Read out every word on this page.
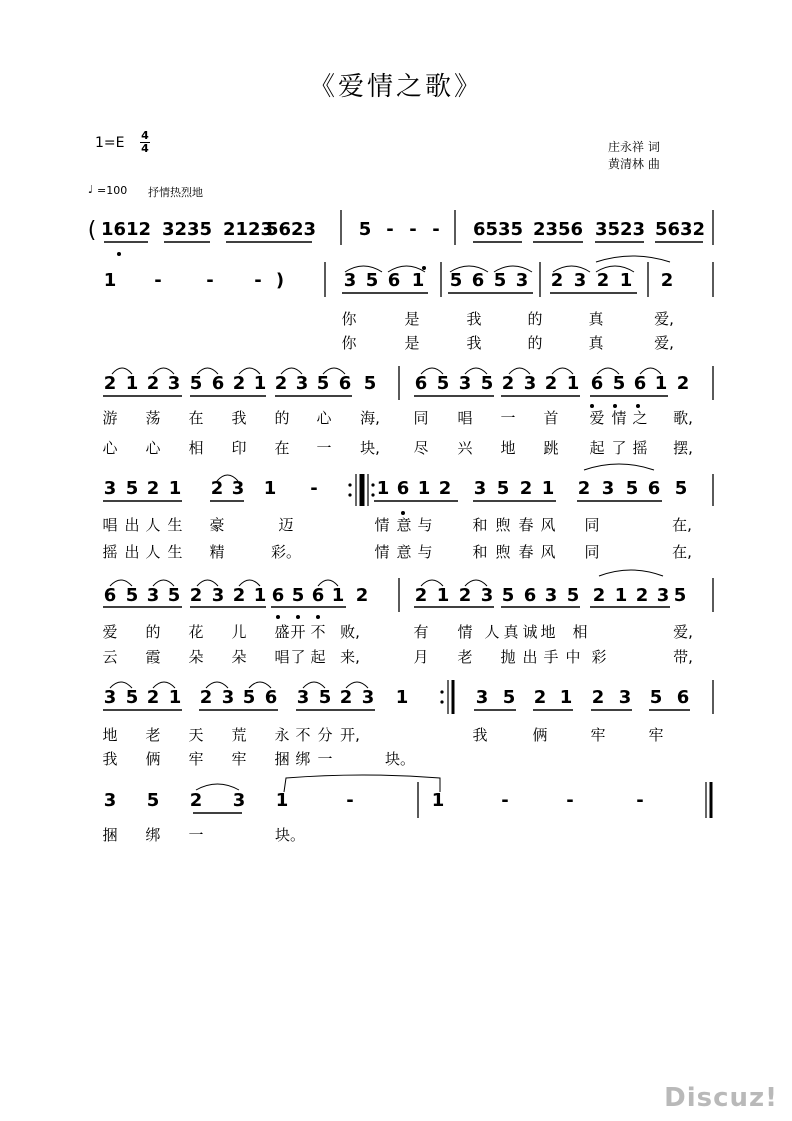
《爱情之歌》
1=E 4
4	庄永祥 词
黄清林 曲
♩ =100 抒情热烈地
( 1612 3235 2123
5623 5 - - - 6535 2356 3523 5632
1 - - - )	3 5 6 1 5 6 5 3 2 3 2 1 2
你	是	我	的	真	爱,
你	是	我	的	真	爱,
2 1 2 3 5 6 2 1 2 3 5 6 5 6 5 3 5 2 3 2 1 6 5 6 1 2
游 荡 在 我 的 心 海, 同 唱 一 首 爱 情 之 歌,
心 心 相 印 在 一 块, 尽 兴 地 跳 起 了 摇 摆,
3 5 2 1 2 3 1 -	1 6 1 2 3 5 2 1 2 3 5 6 5
唱 出 人 生 豪	迈	情 意 与	和 煦 春 风 同	在,
摇 出 人 生 精	彩。	情 意 与	和 煦 春 风 同	在,
6 5 3 5 2 3 2 1 6 5 6 1 2	2 1 2 3 5 6 3 5 2 1 2 3 5
爱 的 花 儿 盛 开 不 败,	有 情 人 真 诚 地 相	爱,
云 霞 朵 朵 唱 了 起 来,	月 老 抛 出 手 中 彩	带,
3 5 2 1 2 3 5 6 3 5 2 3 1	3 5 2 1 2 3 5 6
地 老 天 荒 永 不 分 开,	我	俩	牢	牢
我 俩 牢 牢 捆 绑 一	块。
3 5 2 3 1	-	1	-	-	-
捆 绑 一	块。
Discuz!
